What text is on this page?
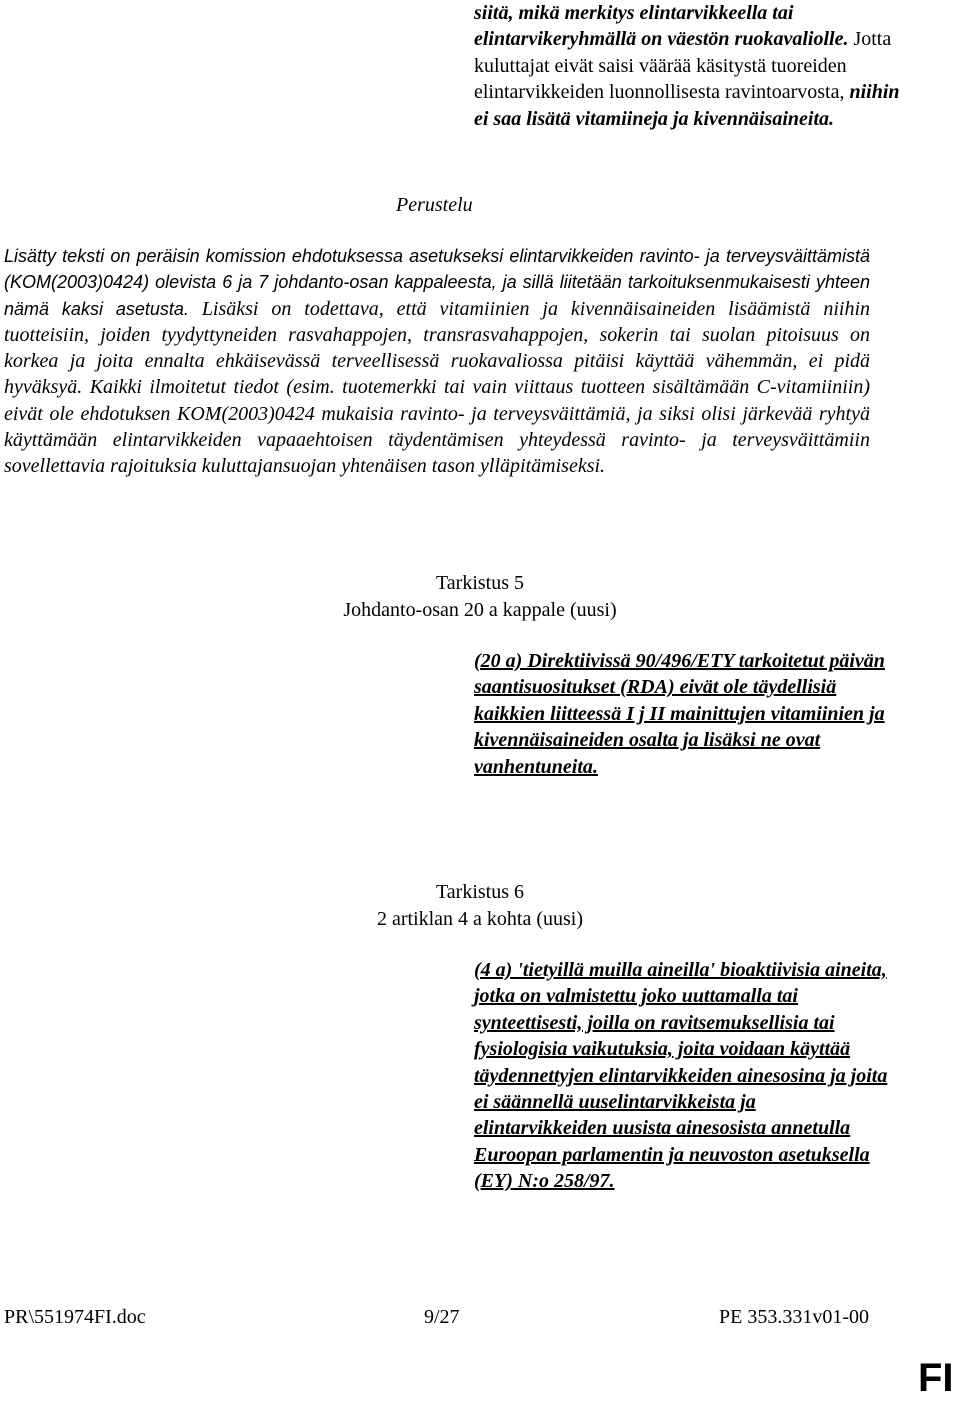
siitä, mikä merkitys elintarvikkeella tai elintarvikeryhmällä on väestön ruokavaliolle. Jotta kuluttajat eivät saisi väärää käsitystä tuoreiden elintarvikkeiden luonnollisesta ravintoarvosta, niihin ei saa lisätä vitamiineja ja kivennäisaineita.

Perustelu

Lisätty teksti on peräisin komission ehdotuksessa asetukseksi elintarvikkeiden ravinto- ja terveysväittämistä (KOM(2003)0424) olevista 6 ja 7 johdanto-osan kappaleesta, ja sillä liitetään tarkoituksenmukaisesti yhteen nämä kaksi asetusta. Lisäksi on todettava, että vitamiinien ja kivennäisaineiden lisäämistä niihin tuotteisiin, joiden tyydyttyneiden rasvahappojen, transrasvahappojen, sokerin tai suolan pitoisuus on korkea ja joita ennalta ehkäisevässä terveellisessä ruokavaliossa pitäisi käyttää vähemmän, ei pidä hyväksyä. Kaikki ilmoitetut tiedot (esim. tuotemerkki tai vain viittaus tuotteen sisältämään C-vitamiiniin) eivät ole ehdotuksen KOM(2003)0424 mukaisia ravinto- ja terveysväittämiä, ja siksi olisi järkevää ryhtyä käyttämään elintarvikkeiden vapaaehtoisen täydentämisen yhteydessä ravinto- ja terveysväittämiin sovellettavia rajoituksia kuluttajansuojan yhtenäisen tason ylläpitämiseksi.

Tarkistus 5
Johdanto-osan 20 a kappale (uusi)

(20 a) Direktiivissä 90/496/ETY tarkoitetut päivän saantisuositukset (RDA) eivät ole täydellisiä kaikkien liitteessä I j II mainittujen vitamiinien ja kivennäisaineiden osalta ja lisäksi ne ovat vanhentuneita.

Tarkistus 6
2 artiklan 4 a kohta (uusi)

(4 a) 'tietyillä muilla aineilla' bioaktiivisia aineita, jotka on valmistettu joko uuttamalla tai synteettisesti, joilla on ravitsemuksellisia tai fysiologisia vaikutuksia, joita voidaan käyttää täydennettyjen elintarvikkeiden ainesosina ja joita ei säännellä uuselintarvikkeista ja elintarvikkeiden uusista ainesosista annetulla Euroopan parlamentin ja neuvoston asetuksella (EY) N:o 258/97.

PR\551974FI.doc	9/27	PE 353.331v01-00
FI
